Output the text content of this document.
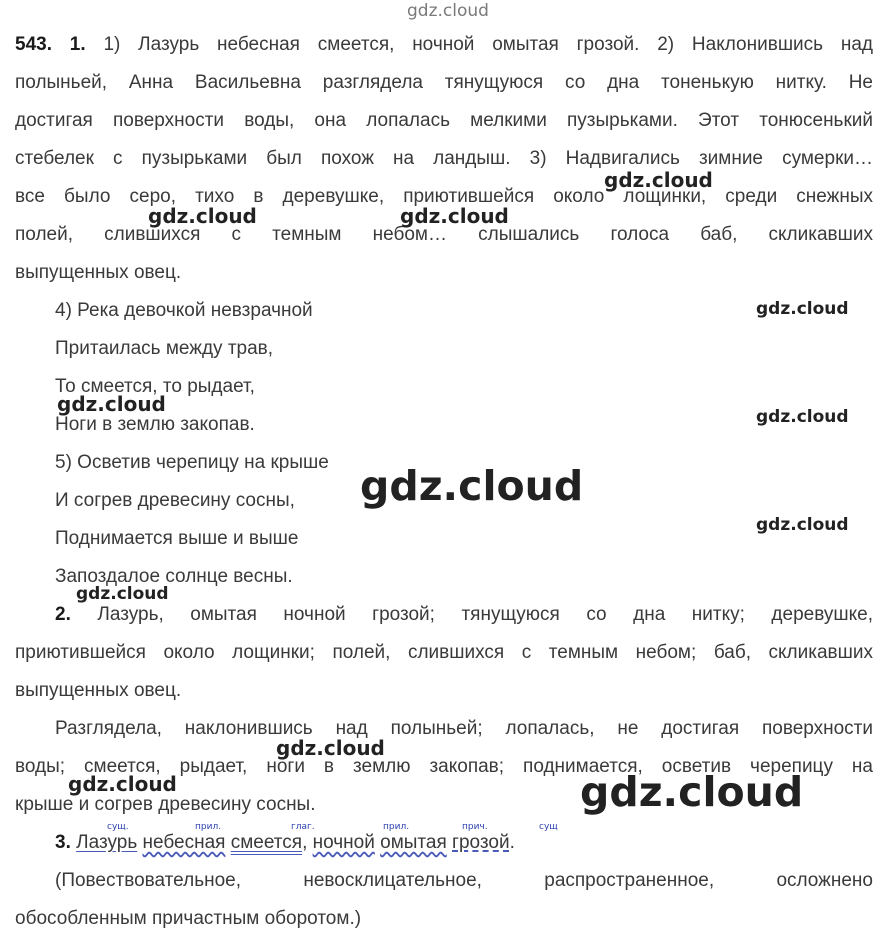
gdz.cloud
543. 1. 1) Лазурь небесная смеется, ночной омытая грозой. 2) Наклонившись над
полыньей, Анна Васильевна разглядела тянущуюся со дна тоненькую нитку. Не
достигая поверхности воды, она лопалась мелкими пузырьками. Этот тонюсенький
стебелек с пузырьками был похож на ландыш. 3) Надвигались зимние сумерки…
все было серо, тихо в деревушке, приютившейся около лощинки, среди снежных
полей, слившихся с темным небом… слышались голоса баб, скликавших
выпущенных овец.
4) Река девочкой невзрачной
Притаилась между трав,
То смеется, то рыдает,
Ноги в землю закопав.
5) Осветив черепицу на крыше
И согрев древесину сосны,
Поднимается выше и выше
Запоздалое солнце весны.
2. Лазурь, омытая ночной грозой; тянущуюся со дна нитку; деревушке,
приютившейся около лощинки; полей, слившихся с темным небом; баб, скликавших
выпущенных овец.
Разглядела, наклонившись над полыньей; лопалась, не достигая поверхности
воды; смеется, рыдает, ноги в землю закопав; поднимается, осветив черепицу на
крыше и согрев древесину сосны.
сущ.	прил.	глаг.	прил.	прич.	сущ
3. Лазурь небесная смеется, ночной омытая грозой.
(Повествовательное, невосклицательное, распространенное, осложнено
обособленным причастным оборотом.)
gdz.cloud
gdz.cloud	gdz.cloud
gdz.cloud
gdz.cloud
gdz.cloud
gdz.cloud
gdz.cloud
gdz.cloud
gdz.cloud
gdz.cloud	gdz.cloud
